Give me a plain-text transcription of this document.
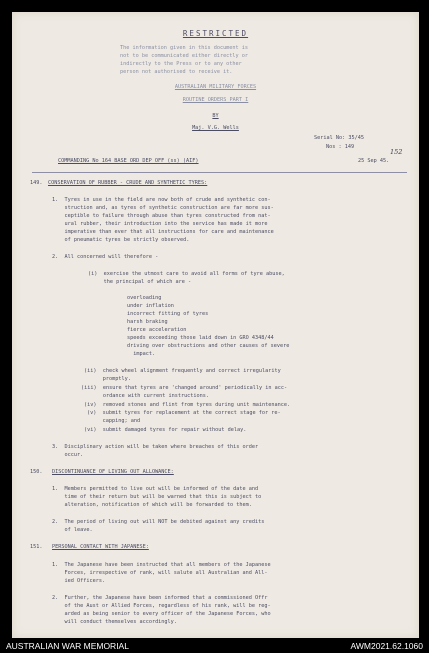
RESTRICTED
The information given in this document is
not to be communicated either directly or
indirectly to the Press or to any other
person not authorised to receive it.
AUSTRALIAN MILITARY FORCES
ROUTINE ORDERS PART I
BY
Maj. V.G. Wells
Serial No: 35/45
Nos : 149
152
COMMANDING No 164 BASE ORD DEP OFF (ss) (AIF)	25 Sep 45.
149. CONSERVATION OF RUBBER - CRUDE AND SYNTHETIC TYRES:
1.  Tyres in use in the field are now both of crude and synthetic con-
struction and, as tyres of synthetic construction are far more sus-
ceptible to failure through abuse than tyres constructed from nat-
ural rubber, their introduction into the service has made it more
imperative than ever that all instructions for care and maintenance
of pneumatic tyres be strictly observed.
2.  All concerned will therefore -
(i)  exercise the utmost care to avoid all forms of tyre abuse,
the principal of which are -
overloading
under inflation
incorrect fitting of tyres
harsh braking
fierce acceleration
speeds exceeding those laid down in GRO 4348/44
driving over obstructions and other causes of severe
impact.
(ii)  check wheel alignment frequently and correct irregularity
promptly.
(iii)  ensure that tyres are 'changed around' periodically in acc-
ordance with current instructions.
(iv)  removed stones and flint from tyres during unit maintenance.
(v)  submit tyres for replacement at the correct stage for re-
capping; and
(vi)  submit damaged tyres for repair without delay.
3.  Disciplinary action will be taken where breaches of this order
occur.
150. DISCONTINUANCE OF LIVING OUT ALLOWANCE:
1.  Members permitted to live out will be informed of the date and
time of their return but will be warned that this is subject to
alteration, notification of which will be forwarded to them.
2.  The period of living out will NOT be debited against any credits
of leave.
151. PERSONAL CONTACT WITH JAPANESE:
1.  The Japanese have been instructed that all members of the Japanese
Forces, irrespective of rank, will salute all Australian and All-
ied Officers.
2.  Further, the Japanese have been informed that a commissioned Offr
of the Aust or Allied Forces, regardless of his rank, will be reg-
arded as being senior to every officer of the Japanese Forces, who
will conduct themselves accordingly.
AUSTRALIAN WAR MEMORIAL	AWM2021.62.1060
